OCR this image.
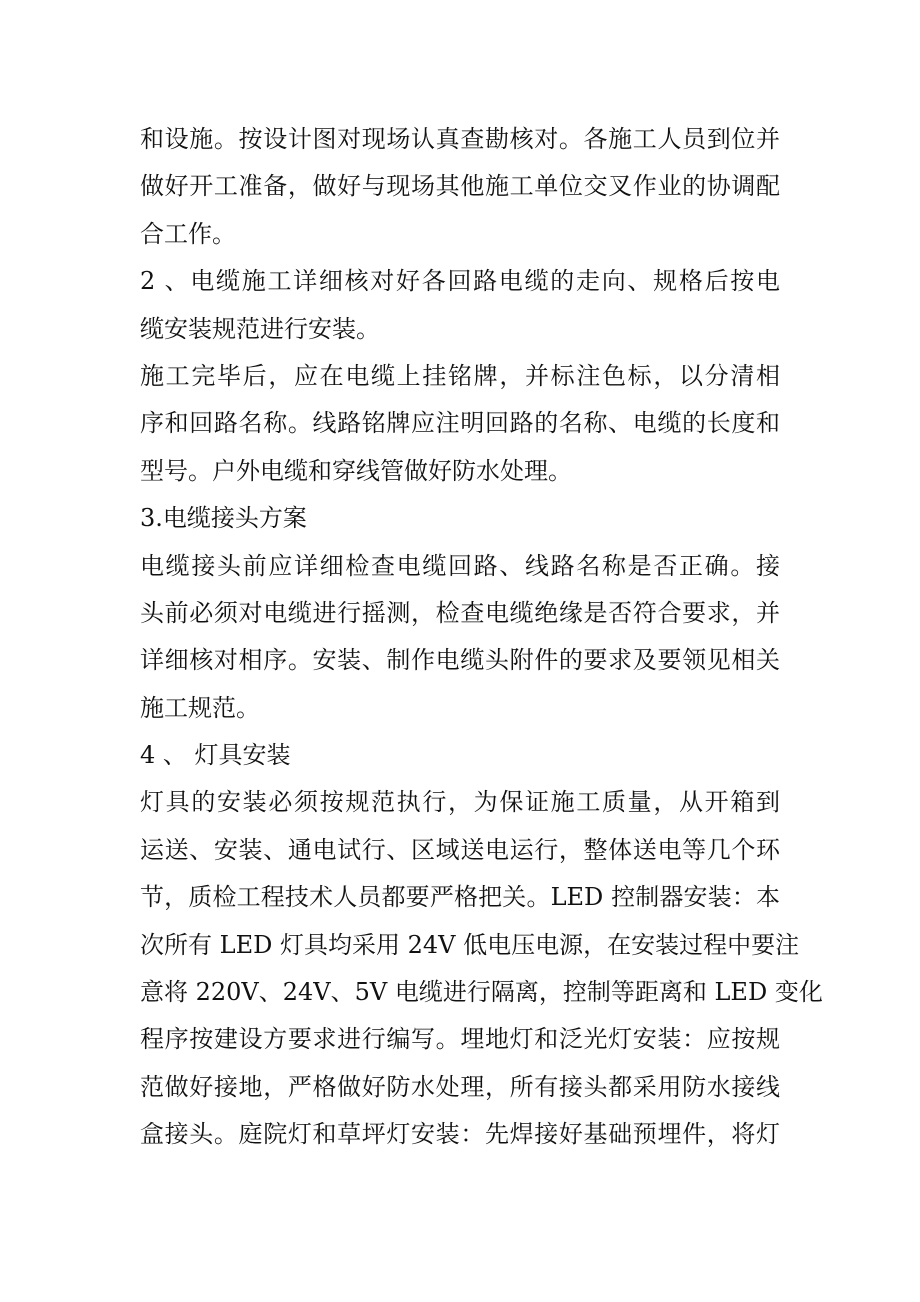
和设施。按设计图对现场认真查勘核对。各施工人员到位并
做好开工准备，做好与现场其他施工单位交叉作业的协调配
合工作。
2 、电缆施工详细核对好各回路电缆的走向、规格后按电
缆安装规范进行安装。
施工完毕后，应在电缆上挂铭牌，并标注色标，以分清相
序和回路名称。线路铭牌应注明回路的名称、电缆的长度和
型号。户外电缆和穿线管做好防水处理。
3.电缆接头方案
电缆接头前应详细检查电缆回路、线路名称是否正确。接
头前必须对电缆进行摇测，检查电缆绝缘是否符合要求，并
详细核对相序。安装、制作电缆头附件的要求及要领见相关
施工规范。
4 、 灯具安装
灯具的安装必须按规范执行，为保证施工质量，从开箱到
运送、安装、通电试行、区域送电运行，整体送电等几个环
节，质检工程技术人员都要严格把关。LED 控制器安装：本
次所有 LED 灯具均采用 24V 低电压电源，在安装过程中要注
意将 220V、24V、5V 电缆进行隔离，控制等距离和 LED 变化
程序按建设方要求进行编写。埋地灯和泛光灯安装：应按规
范做好接地，严格做好防水处理，所有接头都采用防水接线
盒接头。庭院灯和草坪灯安装：先焊接好基础预埋件，将灯
